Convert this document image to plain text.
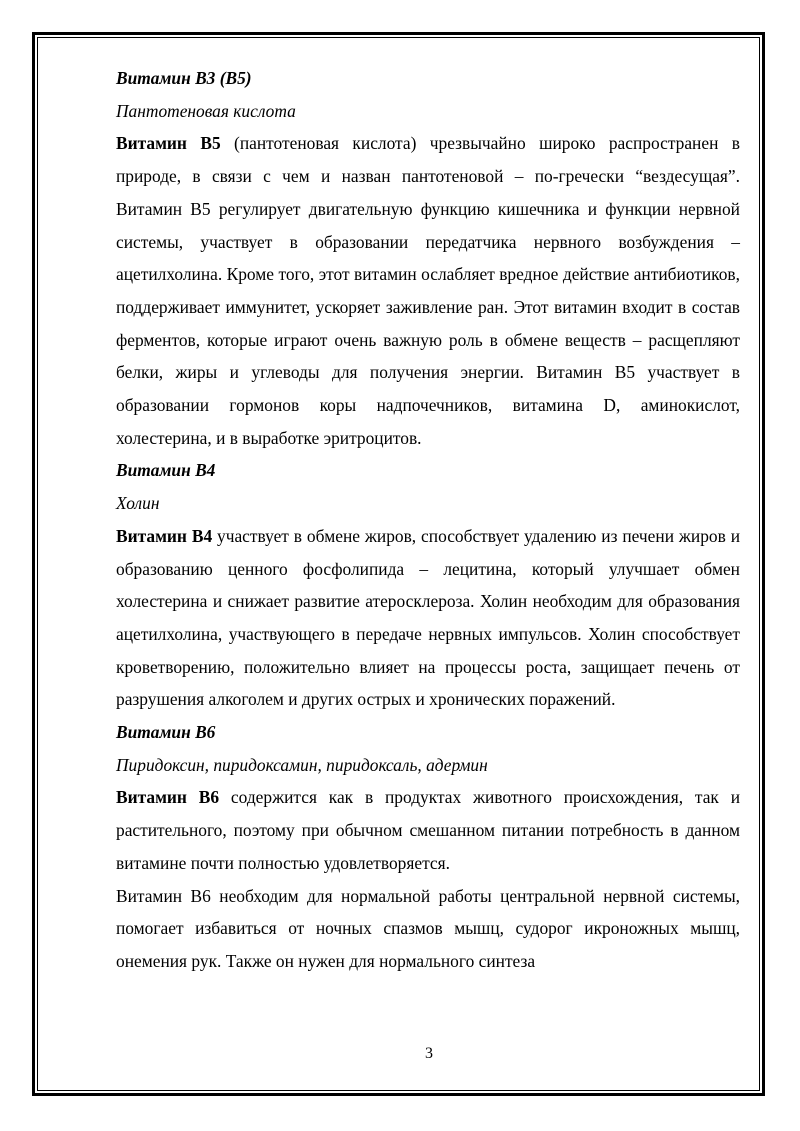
Витамин В3 (В5)

Пантотеновая кислота

Витамин В5 (пантотеновая кислота) чрезвычайно широко распространен в природе, в связи с чем и назван пантотеновой – по-гречески “вездесущая”. Витамин В5 регулирует двигательную функцию кишечника и функции нервной системы, участвует в образовании передатчика нервного возбуждения – ацетилхолина. Кроме того, этот витамин ослабляет вредное действие антибиотиков, поддерживает иммунитет, ускоряет заживление ран. Этот витамин входит в состав ферментов, которые играют очень важную роль в обмене веществ – расщепляют белки, жиры и углеводы для получения энергии. Витамин В5 участвует в образовании гормонов коры надпочечников, витамина D, аминокислот, холестерина, и в выработке эритроцитов.

Витамин В4

Холин

Витамин В4 участвует в обмене жиров, способствует удалению из печени жиров и образованию ценного фосфолипида – лецитина, который улучшает обмен холестерина и снижает развитие атеросклероза. Холин необходим для образования ацетилхолина, участвующего в передаче нервных импульсов. Холин способствует кроветворению, положительно влияет на процессы роста, защищает печень от разрушения алкоголем и других острых и хронических поражений.

Витамин В6

Пиридоксин, пиридоксамин, пиридоксаль, адермин

Витамин В6 содержится как в продуктах животного происхождения, так и растительного, поэтому при обычном смешанном питании потребность в данном витамине почти полностью удовлетворяется.

Витамин В6 необходим для нормальной работы центральной нервной системы, помогает избавиться от ночных спазмов мышц, судорог икроножных мышц, онемения рук. Также он нужен для нормального синтеза

3
